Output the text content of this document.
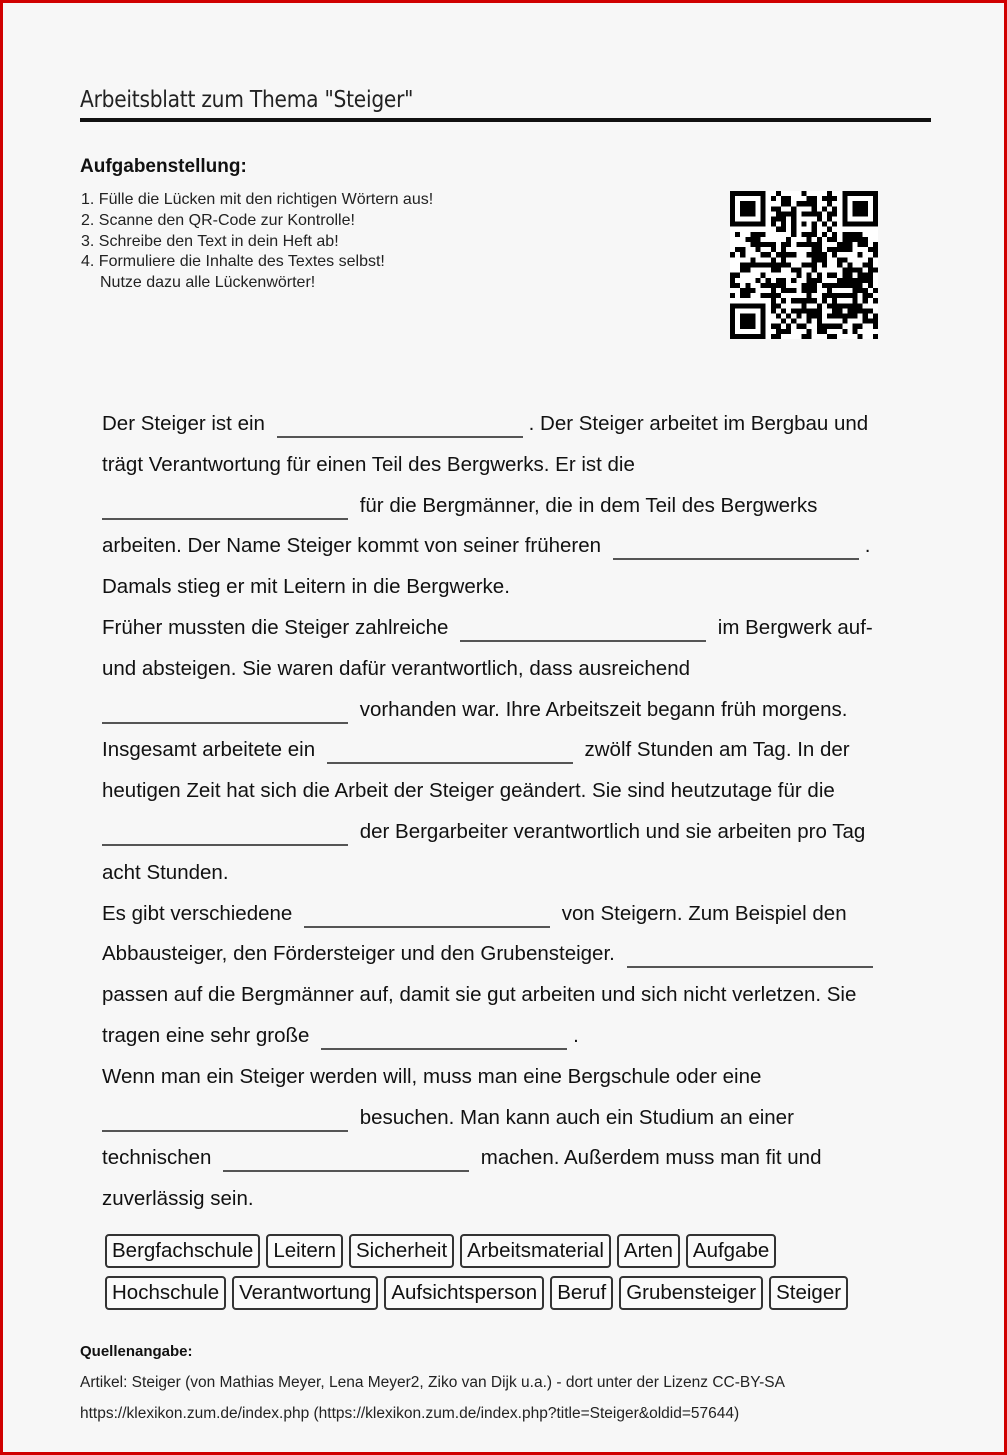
Arbeitsblatt zum Thema "Steiger"
Aufgabenstellung:
1. Fülle die Lücken mit den richtigen Wörtern aus!
2. Scanne den QR-Code zur Kontrolle!
3. Schreibe den Text in dein Heft ab!
4. Formuliere die Inhalte des Textes selbst!
Nutze dazu alle Lückenwörter!
Der Steiger ist ein	. Der Steiger arbeitet im Bergbau und
trägt Verantwortung für einen Teil des Bergwerks. Er ist die
für die Bergmänner, die in dem Teil des Bergwerks
arbeiten. Der Name Steiger kommt von seiner früheren	.
Damals stieg er mit Leitern in die Bergwerke.
Früher mussten die Steiger zahlreiche	im Bergwerk auf-
und absteigen. Sie waren dafür verantwortlich, dass ausreichend
vorhanden war. Ihre Arbeitszeit begann früh morgens.
Insgesamt arbeitete ein	zwölf Stunden am Tag. In der
heutigen Zeit hat sich die Arbeit der Steiger geändert. Sie sind heutzutage für die
der Bergarbeiter verantwortlich und sie arbeiten pro Tag
acht Stunden.
Es gibt verschiedene	von Steigern. Zum Beispiel den
Abbausteiger, den Fördersteiger und den Grubensteiger.
passen auf die Bergmänner auf, damit sie gut arbeiten und sich nicht verletzen. Sie
tragen eine sehr große	.
Wenn man ein Steiger werden will, muss man eine Bergschule oder eine
besuchen. Man kann auch ein Studium an einer
technischen	machen. Außerdem muss man fit und
zuverlässig sein.
Bergfachschule Leitern Sicherheit Arbeitsmaterial Arten Aufgabe
Hochschule Verantwortung Aufsichtsperson Beruf Grubensteiger Steiger
Quellenangabe:
Artikel: Steiger (von Mathias Meyer, Lena Meyer2, Ziko van Dijk u.a.) - dort unter der Lizenz CC-BY-SA
https://klexikon.zum.de/index.php (https://klexikon.zum.de/index.php?title=Steiger&oldid=57644)
